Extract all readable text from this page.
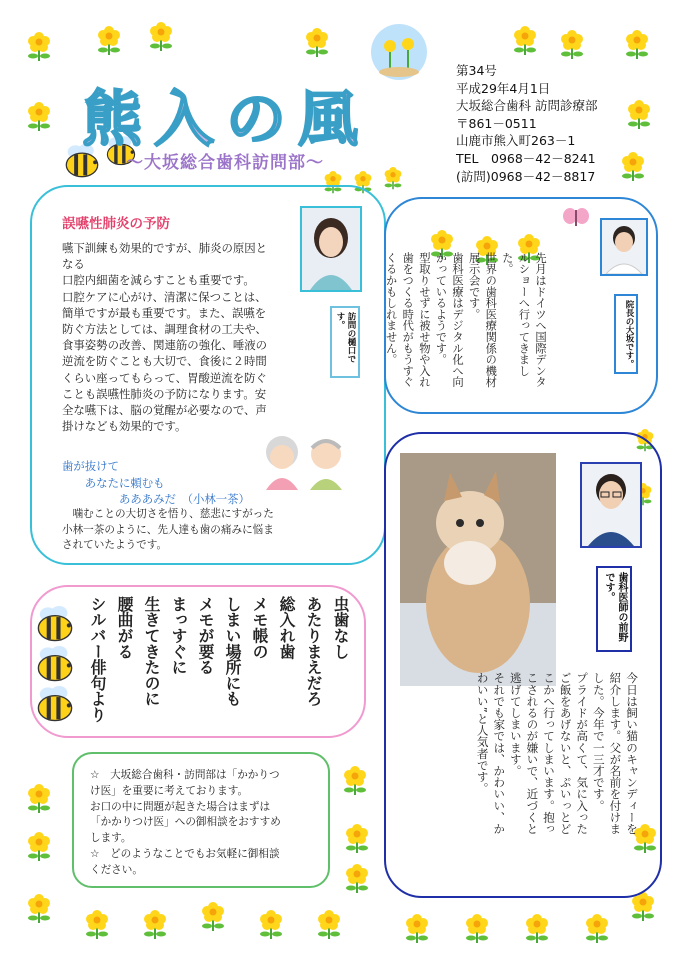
熊入の風
～大坂総合歯科訪問部～
第34号
平成29年4月1日
大坂総合歯科 訪問診療部
〒861－0511
山鹿市熊入町263－1
TEL　0968－42－8241
(訪問)0968－42－8817
誤嚥性肺炎の予防
嚥下訓練も効果的ですが、肺炎の原因と
なる
口腔内細菌を減らすことも重要です。
口腔ケアに心がけ、清潔に保つことは、
簡単ですが最も重要です。また、誤嚥を
防ぐ方法としては、調理食材の工夫や、
食事姿勢の改善、関連筋の強化、唾液の
逆流を防ぐことも大切で、食後に２時間
くらい座ってもらって、胃酸逆流を防ぐ
ことも誤嚥性肺炎の予防になります。安
全な嚥下は、脳の覚醒が必要なので、声
掛けなども効果的です。
訪問の樋口です。
歯が抜けて
　　あなたに頼むも
　　　　　あああみだ　（小林一茶）
　噛むことの大切さを悟り、慈悲にすがった
小林一茶のように、先人達も歯の痛みに悩ま
されていたようです。
先月はドイツへ国際デンタ
ルショーへ行ってきまし
た。
世界の歯科医療関係の機材
展示会です。
歯科医療はデジタル化へ向
かっているようです。
型取りせずに被せ物や入れ
歯をつくる時代がもうすぐ
くるかもしれません。	院長の大坂です。
歯科医師の前野です。
今日は飼い猫のキャンディーを
紹介します。父が名前を付けま
した。今年で一三才です。
プライドが高くて、気に入った
ご飯をあげないと、ぷいっとど
こかへ行ってしまいます。抱っ
こされるのが嫌いで、近づくと
逃げてしまいます。
それでも家では、かわいい、か
わいい”と人気者です。
虫歯なし
あたりまえだろ
総入れ歯
メモ帳の
しまい場所にも
メモが要る
まっすぐに
生きてきたのに
腰曲がる
シルバー俳句より
☆　大坂総合歯科・訪問部は「かかりつ
け医」を重要に考えております。
お口の中に問題が起きた場合はまずは
「かかりつけ医」への御相談をおすすめ
します。
☆　どのようなことでもお気軽に御相談
ください。
